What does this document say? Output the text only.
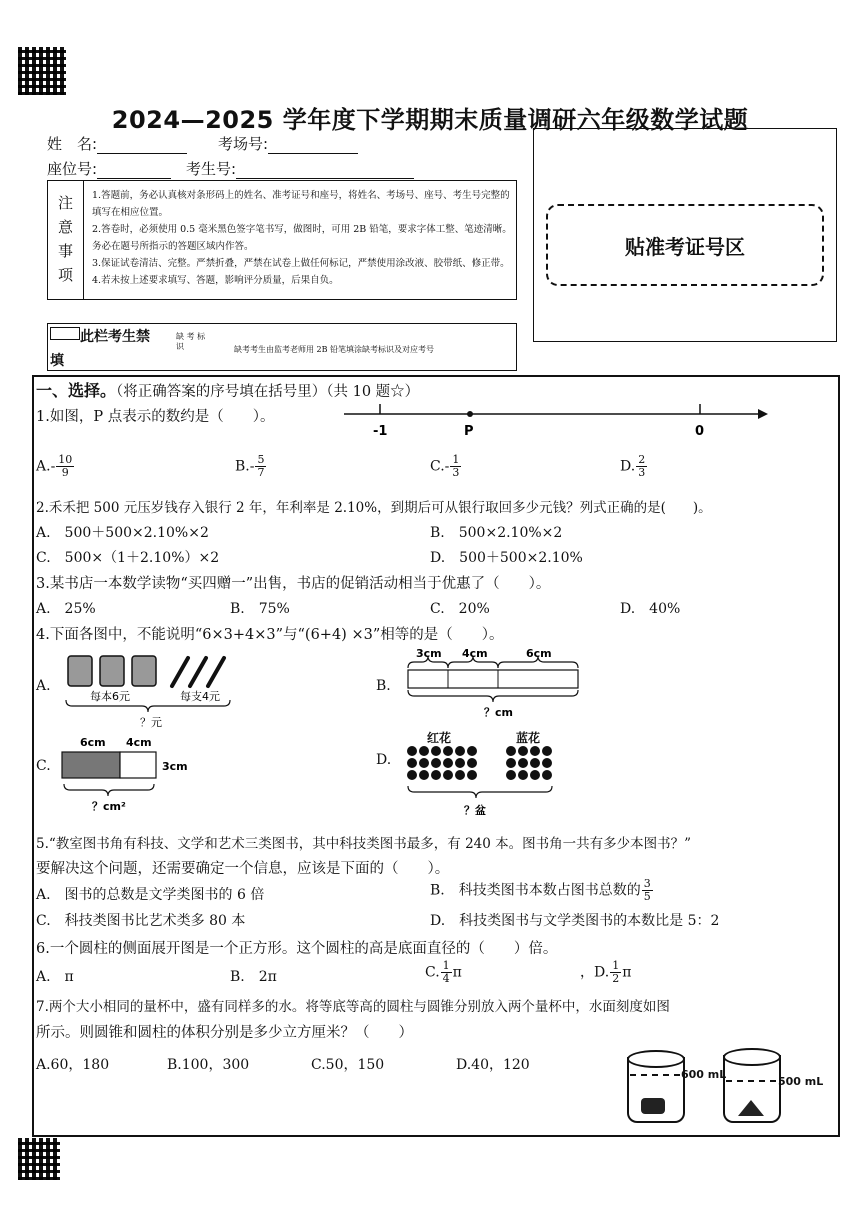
2024—2025 学年度下学期期末质量调研六年级数学试题
姓　名:	考场号:
座位号:	考生号:
注
意
事
项
1.答题前，务必认真核对条形码上的姓名、准考证号和座号，将姓名、考场号、座号、考生号完整的填写在相应位置。
2.答卷时，必须使用 0.5 毫米黑色签字笔书写，做图时，可用 2B 铅笔，要求字体工整、笔迹清晰。务必在题号所指示的答题区域内作答。
3.保证试卷清洁、完整。严禁折叠，严禁在试卷上做任何标记，严禁使用涂改液、胶带纸、修正带。
4.若未按上述要求填写、答题，影响评分质量，后果自负。
贴准考证号区
此栏考生禁
填
缺 考 标 识	缺考考生由监考老师用 2B 铅笔填涂缺考标识及对应考号
一、选择。（将正确答案的序号填在括号里）（共 10 题☆）
1.如图，P 点表示的数约是（　　）。
-1	P	0
$A.- \frac{10}{9}$	$B.- \frac{5}{7}$	$C.- \frac{1}{3}$	D. $\frac{2}{3}$
2.禾禾把 500 元压岁钱存入银行 2 年，年利率是 2.10%，到期后可从银行取回多少元钱？列式正确的是(　　)。
A.　500＋500×2.10%×2	B.　500×2.10%×2
C.　500×（1＋2.10%）×2	D.　500＋500×2.10%
3.某书店一本数学读物“买四赠一”出售，书店的促销活动相当于优惠了（　　）。
A.　25%	B.　75%	C.　20%	D.　40%
4.下面各图中，不能说明“6×3+4×3”与“(6+4) ×3”相等的是（　　）。
A.
每本6元	每支4元
？元
B.
3cm 4cm	6cm
？cm
C.
6cm 4cm
3cm
？cm²
D.
红花	蓝花
？盆
5.“教室图书角有科技、文学和艺术三类图书，其中科技类图书最多，有 240 本。图书角一共有多少本图书？”
要解决这个问题，还需要确定一个信息，应该是下面的（　　）。
A.　图书的总数是文学类图书的 6 倍	B.　科技类图书本数占图书总数的 $\frac{3}{5}$
C.　科技类图书比艺术类多 80 本	D.　科技类图书与文学类图书的本数比是 5：2
6.一个圆柱的侧面展开图是一个正方形。这个圆柱的高是底面直径的（　　）倍。
A.　π	B.　2π	C. $\frac{1}{4}$ π	，D. $\frac{1}{2}$ π
7.两个大小相同的量杯中，盛有同样多的水。将等底等高的圆柱与圆锥分别放入两个量杯中，水面刻度如图
所示。则圆锥和圆柱的体积分别是多少立方厘米？（　　）
A.60，180	B.100，300	C.50，150	D.40，120
600 mL
500 mL
